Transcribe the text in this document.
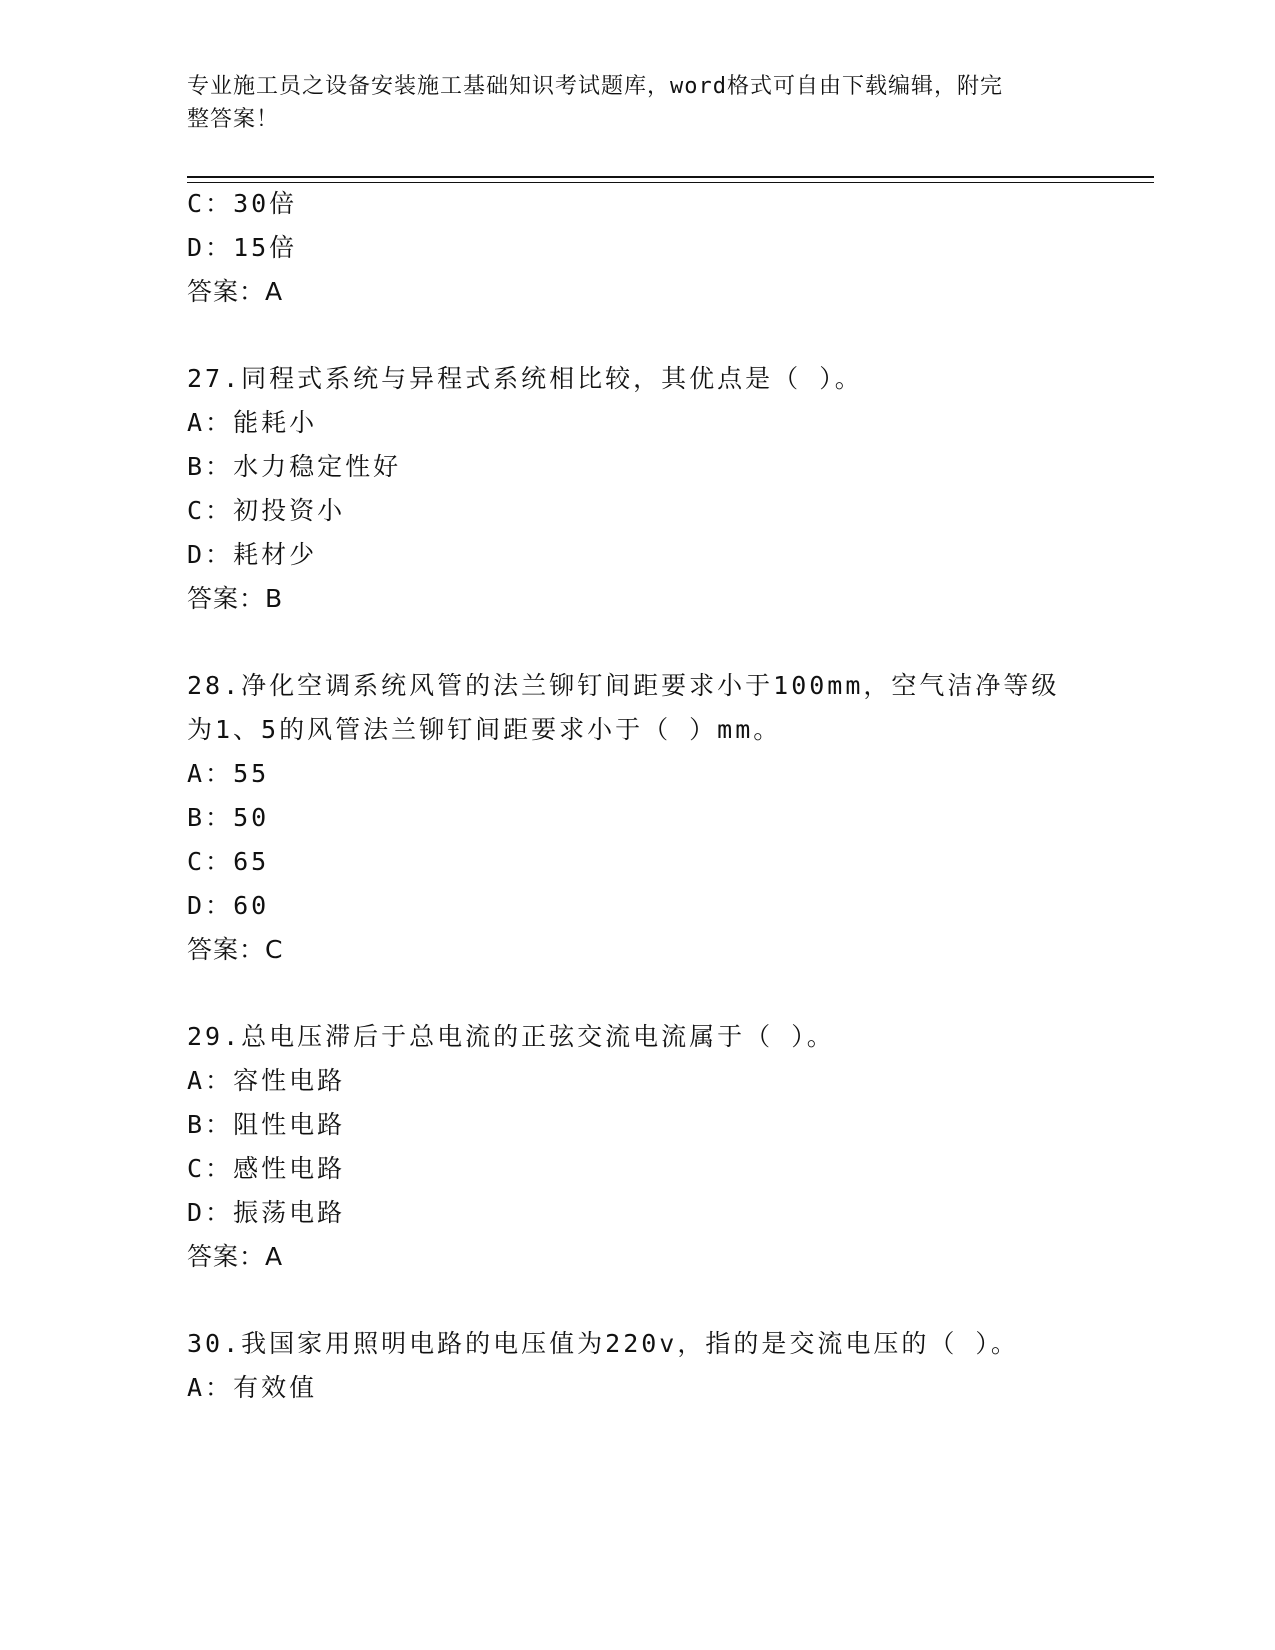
专业施工员之设备安装施工基础知识考试题库，word格式可自由下载编辑，附完
整答案！
C：30倍
D：15倍
答案：A
27.同程式系统与异程式系统相比较，其优点是（ ）。
A：能耗小
B：水力稳定性好
C：初投资小
D：耗材少
答案：B
28.净化空调系统风管的法兰铆钉间距要求小于100mm，空气洁净等级
为1、5的风管法兰铆钉间距要求小于（ ）mm。
A：55
B：50
C：65
D：60
答案：C
29.总电压滞后于总电流的正弦交流电流属于（ ）。
A：容性电路
B：阻性电路
C：感性电路
D：振荡电路
答案：A
30.我国家用照明电路的电压值为220v，指的是交流电压的（ ）。
A：有效值
